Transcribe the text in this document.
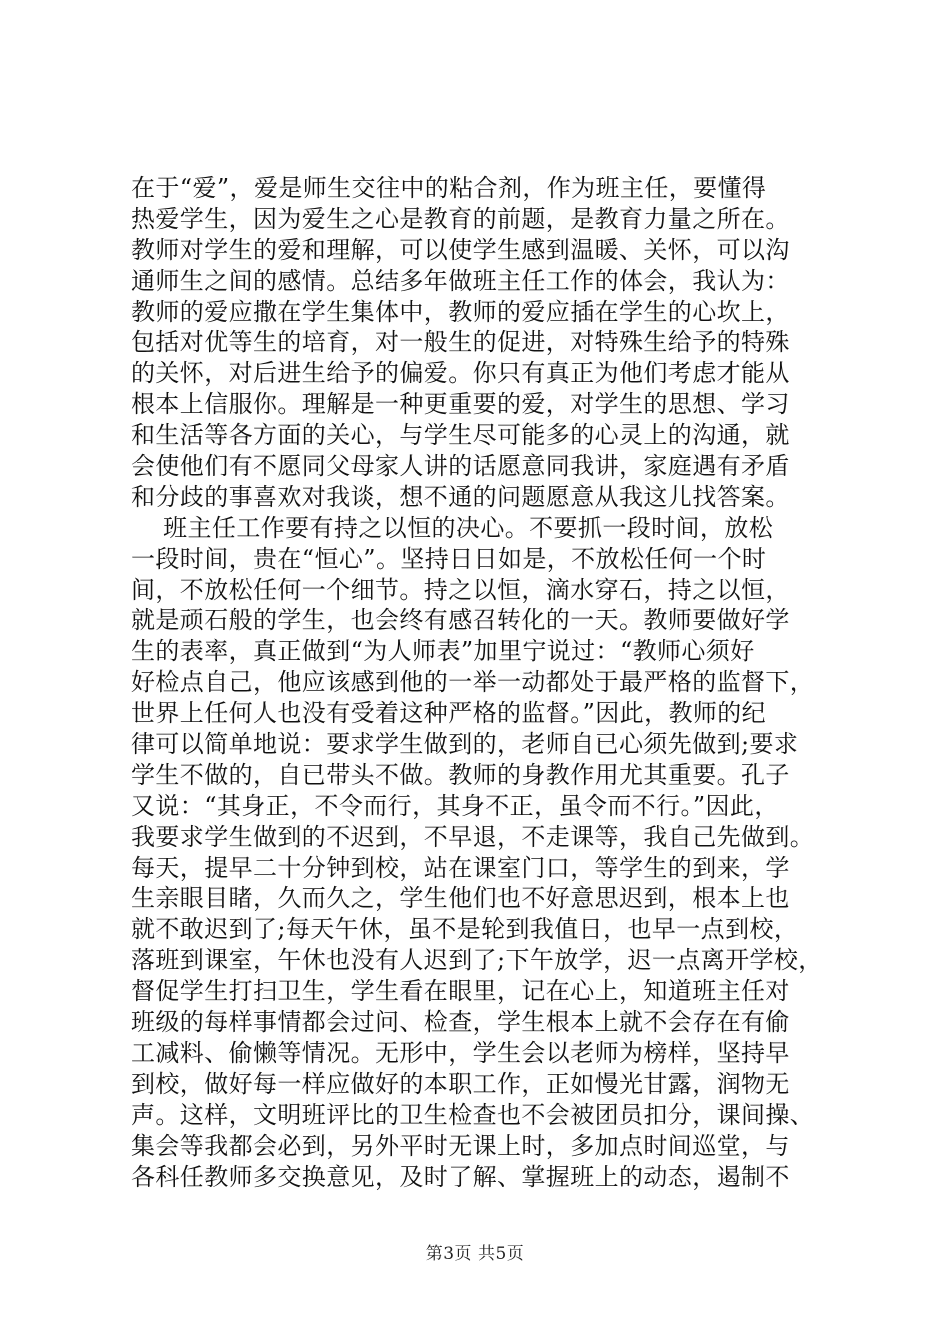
在于“爱”，爱是师生交往中的粘合剂，作为班主任，要懂得
热爱学生，因为爱生之心是教育的前题，是教育力量之所在。
教师对学生的爱和理解，可以使学生感到温暖、关怀，可以沟
通师生之间的感情。总结多年做班主任工作的体会，我认为：
教师的爱应撒在学生集体中，教师的爱应插在学生的心坎上，
包括对优等生的培育，对一般生的促进，对特殊生给予的特殊
的关怀，对后进生给予的偏爱。你只有真正为他们考虑才能从
根本上信服你。理解是一种更重要的爱，对学生的思想、学习
和生活等各方面的关心，与学生尽可能多的心灵上的沟通，就
会使他们有不愿同父母家人讲的话愿意同我讲，家庭遇有矛盾
和分歧的事喜欢对我谈，想不通的问题愿意从我这儿找答案。
班主任工作要有持之以恒的决心。不要抓一段时间，放松
一段时间，贵在“恒心”。坚持日日如是，不放松任何一个时
间，不放松任何一个细节。持之以恒，滴水穿石，持之以恒，
就是顽石般的学生，也会终有感召转化的一天。教师要做好学
生的表率，真正做到“为人师表”加里宁说过：“教师心须好
好检点自己，他应该感到他的一举一动都处于最严格的监督下，
世界上任何人也没有受着这种严格的监督。”因此，教师的纪
律可以简单地说：要求学生做到的，老师自已心须先做到;要求
学生不做的，自已带头不做。教师的身教作用尤其重要。孔子
又说：“其身正，不令而行，其身不正，虽令而不行。”因此，
我要求学生做到的不迟到，不早退，不走课等，我自己先做到。
每天，提早二十分钟到校，站在课室门口，等学生的到来，学
生亲眼目睹，久而久之，学生他们也不好意思迟到，根本上也
就不敢迟到了;每天午休，虽不是轮到我值日，也早一点到校，
落班到课室，午休也没有人迟到了;下午放学，迟一点离开学校，
督促学生打扫卫生，学生看在眼里，记在心上，知道班主任对
班级的每样事情都会过问、检查，学生根本上就不会存在有偷
工减料、偷懒等情况。无形中，学生会以老师为榜样，坚持早
到校，做好每一样应做好的本职工作，正如慢光甘露，润物无
声。这样，文明班评比的卫生检查也不会被团员扣分，课间操、
集会等我都会必到，另外平时无课上时，多加点时间巡堂，与
各科任教师多交换意见，及时了解、掌握班上的动态，遏制不
第3页 共5页
